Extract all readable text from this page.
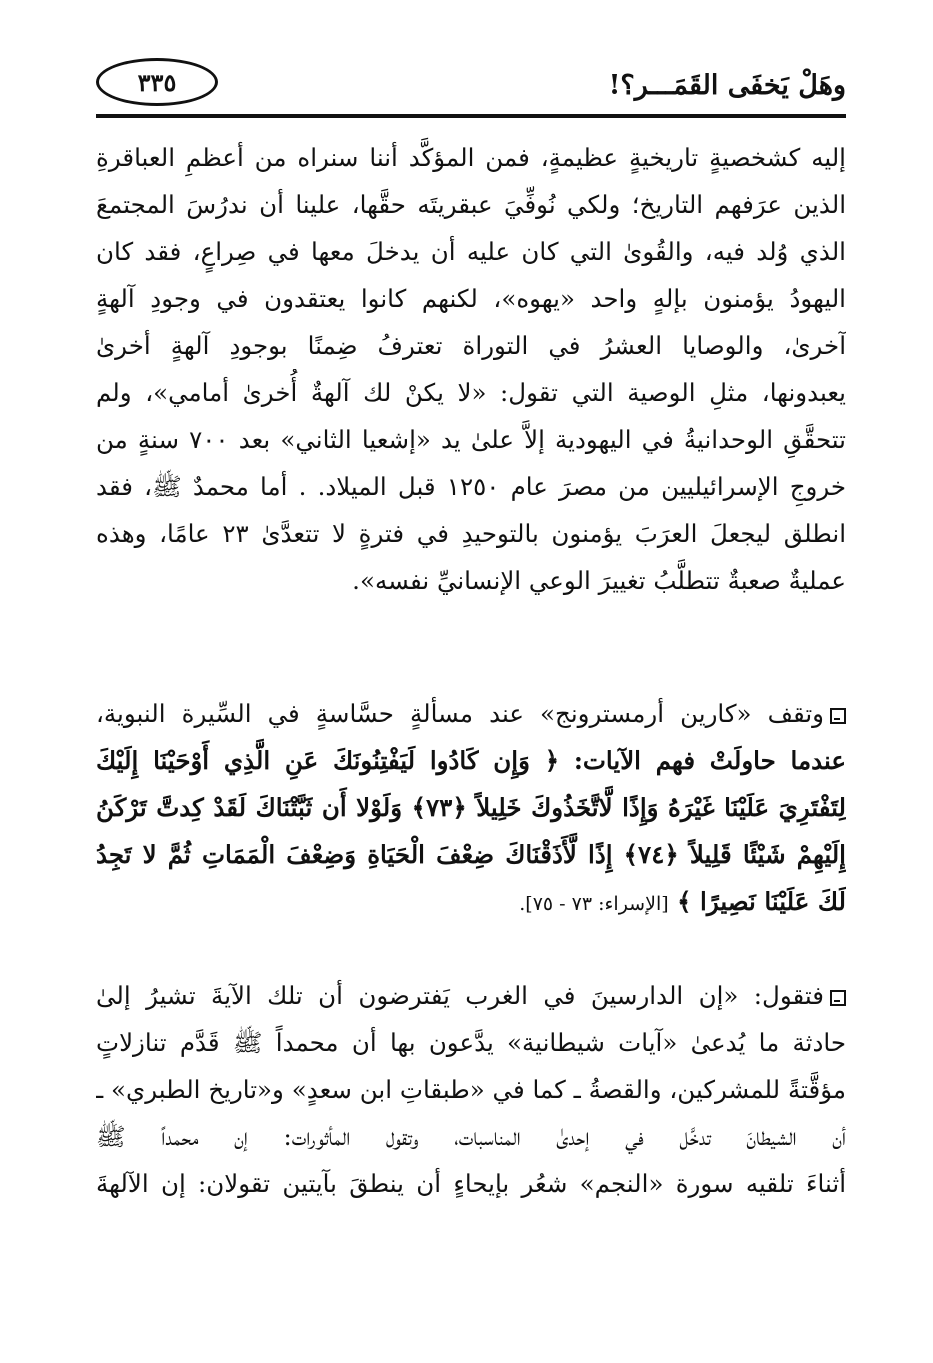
وهَلْ يَخفَى القَمَـــر؟!
٣٣٥
إليه كشخصيةٍ تاريخيةٍ عظيمةٍ، فمن المؤكَّد أننا سنراه من أعظمِ العباقرةِ
الذين عرَفهم التاريخ؛ ولكي نُوفِّيَ عبقريتَه حقَّها، علينا أن ندرُسَ المجتمعَ
الذي وُلد فيه، والقُوىٰ التي كان عليه أن يدخلَ معها في صِراعٍ، فقد كان
اليهودُ يؤمنون بإلهٍ واحد «يهوه»، لكنهم كانوا يعتقدون في وجودِ آلهةٍ
آخرىٰ، والوصايا العشرُ في التوراة تعترفُ ضِمنًا بوجودِ آلهةٍ أخرىٰ
يعبدونها، مثلِ الوصية التي تقول: «لا يكنْ لك آلهةٌ أُخرىٰ أمامي»، ولم
تتحقَّقِ الوحدانيةُ في اليهودية إلاَّ علىٰ يد «إشعيا الثاني» بعد ٧٠٠ سنةٍ من
خروجِ الإسرائيليين من مصرَ عام ١٢٥٠ قبل الميلاد. . أما محمدٌ ﷺ، فقد
انطلق ليجعلَ العرَبَ يؤمنون بالتوحيدِ في فترةٍ لا تتعدَّىٰ ٢٣ عامًا، وهذه
عمليةٌ صعبةٌ تتطلَّبُ تغييرَ الوعي الإنسانيِّ نفسه».
وتقف «كارين أرمسترونج» عند مسألةٍ حسَّاسةٍ في السِّيرة النبوية،
عندما حاولَتْ فهم الآيات: ﴿ وَإِن كَادُوا لَيَفْتِنُونَكَ عَنِ الَّذِي أَوْحَيْنَا إِلَيْكَ
لِتَفْتَرِيَ عَلَيْنَا غَيْرَهُ وَإِذًا لَّاتَّخَذُوكَ خَلِيلاً ﴿٧٣﴾ وَلَوْلا أَن ثَبَّتْنَاكَ لَقَدْ كِدتَّ تَرْكَنُ
إِلَيْهِمْ شَيْئًا قَلِيلاً ﴿٧٤﴾ إِذًا لَّأَذَقْنَاكَ ضِعْفَ الْحَيَاةِ وَضِعْفَ الْمَمَاتِ ثُمَّ لا تَجِدُ
لَكَ عَلَيْنَا نَصِيرًا ﴾ [الإسراء: ٧٣ - ٧٥].
فتقول: «إن الدارسينَ في الغرب يَفترضون أن تلك الآيةَ تشيرُ إلىٰ
حادثة ما يُدعىٰ «آيات شيطانية» يدَّعون بها أن محمداً ﷺ قَدَّم تنازلاتٍ
مؤقَّتةً للمشركين، والقصةُ ـ كما في «طبقاتِ ابن سعدٍ» و«تاريخ الطبري» ـ
أن الشيطانَ تدخَّل في إحدىٰ المناسبات، وتقول المأثورات: إن محمداً ﷺ
أثناءَ تلقيه سورة «النجم» شعُر بإيحاءٍ أن ينطقَ بآيتين تقولان: إن الآلهةَ
